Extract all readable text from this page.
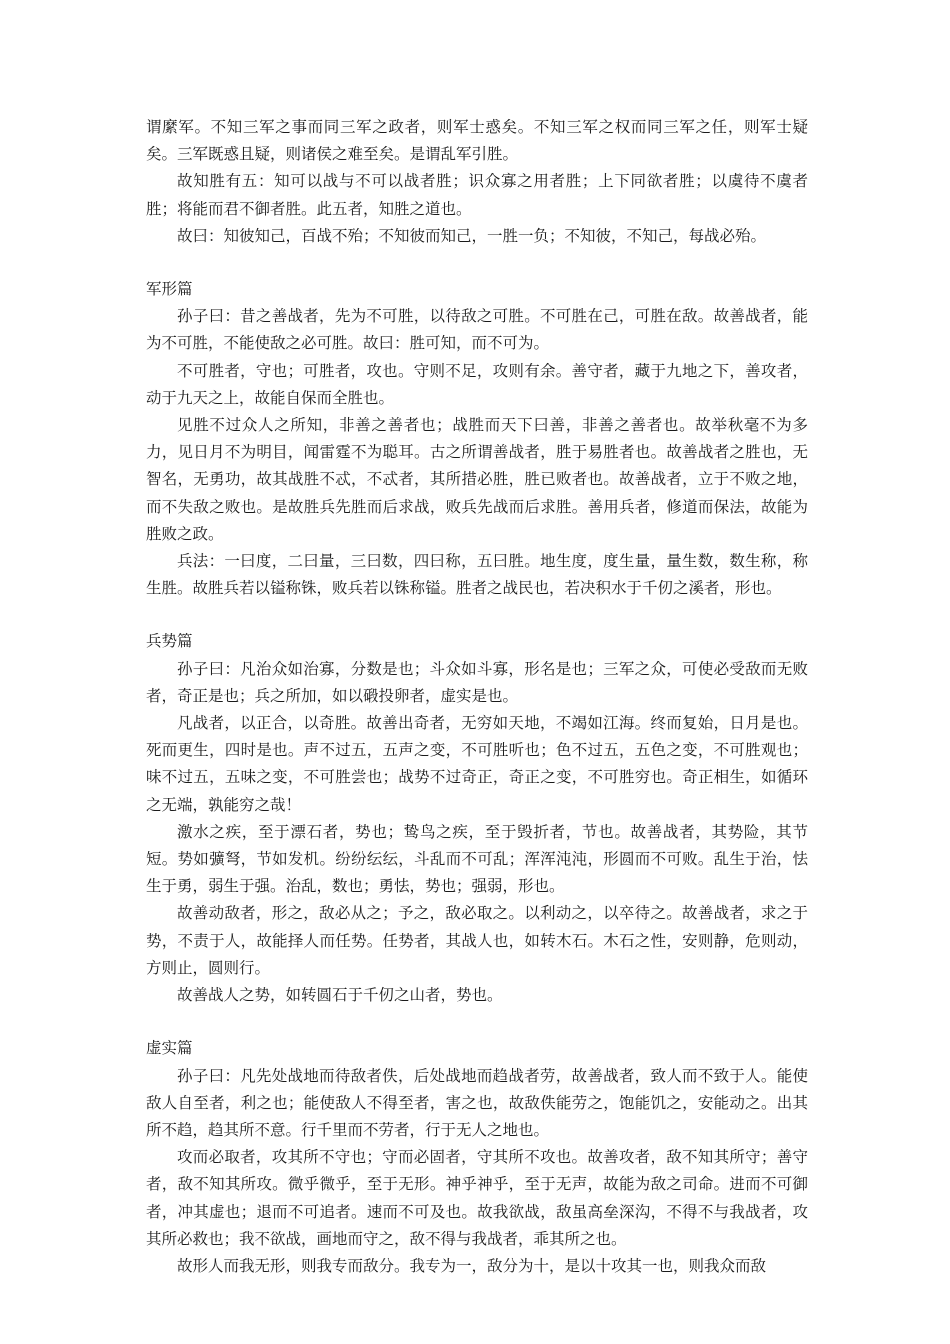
谓縻军。不知三军之事而同三军之政者，则军士惑矣。不知三军之权而同三军之任，则军士疑矣。三军既惑且疑，则诸侯之难至矣。是谓乱军引胜。

故知胜有五：知可以战与不可以战者胜；识众寡之用者胜；上下同欲者胜；以虞待不虞者胜；将能而君不御者胜。此五者，知胜之道也。

故曰：知彼知己，百战不殆；不知彼而知己，一胜一负；不知彼，不知己，每战必殆。

军形篇

孙子曰：昔之善战者，先为不可胜，以待敌之可胜。不可胜在己，可胜在敌。故善战者，能为不可胜，不能使敌之必可胜。故曰：胜可知，而不可为。

不可胜者，守也；可胜者，攻也。守则不足，攻则有余。善守者，藏于九地之下，善攻者，动于九天之上，故能自保而全胜也。

见胜不过众人之所知，非善之善者也；战胜而天下曰善，非善之善者也。故举秋毫不为多力，见日月不为明目，闻雷霆不为聪耳。古之所谓善战者，胜于易胜者也。故善战者之胜也，无智名，无勇功，故其战胜不忒，不忒者，其所措必胜，胜已败者也。故善战者，立于不败之地，而不失敌之败也。是故胜兵先胜而后求战，败兵先战而后求胜。善用兵者，修道而保法，故能为胜败之政。

兵法：一曰度，二曰量，三曰数，四曰称，五曰胜。地生度，度生量，量生数，数生称，称生胜。故胜兵若以镒称铢，败兵若以铢称镒。胜者之战民也，若决积水于千仞之溪者，形也。

兵势篇

孙子曰：凡治众如治寡，分数是也；斗众如斗寡，形名是也；三军之众，可使必受敌而无败者，奇正是也；兵之所加，如以碫投卵者，虚实是也。

凡战者，以正合，以奇胜。故善出奇者，无穷如天地，不竭如江海。终而复始，日月是也。死而更生，四时是也。声不过五，五声之变，不可胜听也；色不过五，五色之变，不可胜观也；味不过五，五味之变，不可胜尝也；战势不过奇正，奇正之变，不可胜穷也。奇正相生，如循环之无端，孰能穷之哉！

激水之疾，至于漂石者，势也；鸷鸟之疾，至于毁折者，节也。故善战者，其势险，其节短。势如彍弩，节如发机。纷纷纭纭，斗乱而不可乱；浑浑沌沌，形圆而不可败。乱生于治，怯生于勇，弱生于强。治乱，数也；勇怯，势也；强弱，形也。

故善动敌者，形之，敌必从之；予之，敌必取之。以利动之，以卒待之。故善战者，求之于势，不责于人，故能择人而任势。任势者，其战人也，如转木石。木石之性，安则静，危则动，方则止，圆则行。

故善战人之势，如转圆石于千仞之山者，势也。

虚实篇

孙子曰：凡先处战地而待敌者佚，后处战地而趋战者劳，故善战者，致人而不致于人。能使敌人自至者，利之也；能使敌人不得至者，害之也，故敌佚能劳之，饱能饥之，安能动之。出其所不趋，趋其所不意。行千里而不劳者，行于无人之地也。

攻而必取者，攻其所不守也；守而必固者，守其所不攻也。故善攻者，敌不知其所守；善守者，敌不知其所攻。微乎微乎，至于无形。神乎神乎，至于无声，故能为敌之司命。进而不可御者，冲其虚也；退而不可追者。速而不可及也。故我欲战，敌虽高垒深沟，不得不与我战者，攻其所必救也；我不欲战，画地而守之，敌不得与我战者，乖其所之也。

故形人而我无形，则我专而敌分。我专为一，敌分为十，是以十攻其一也，则我众而敌
